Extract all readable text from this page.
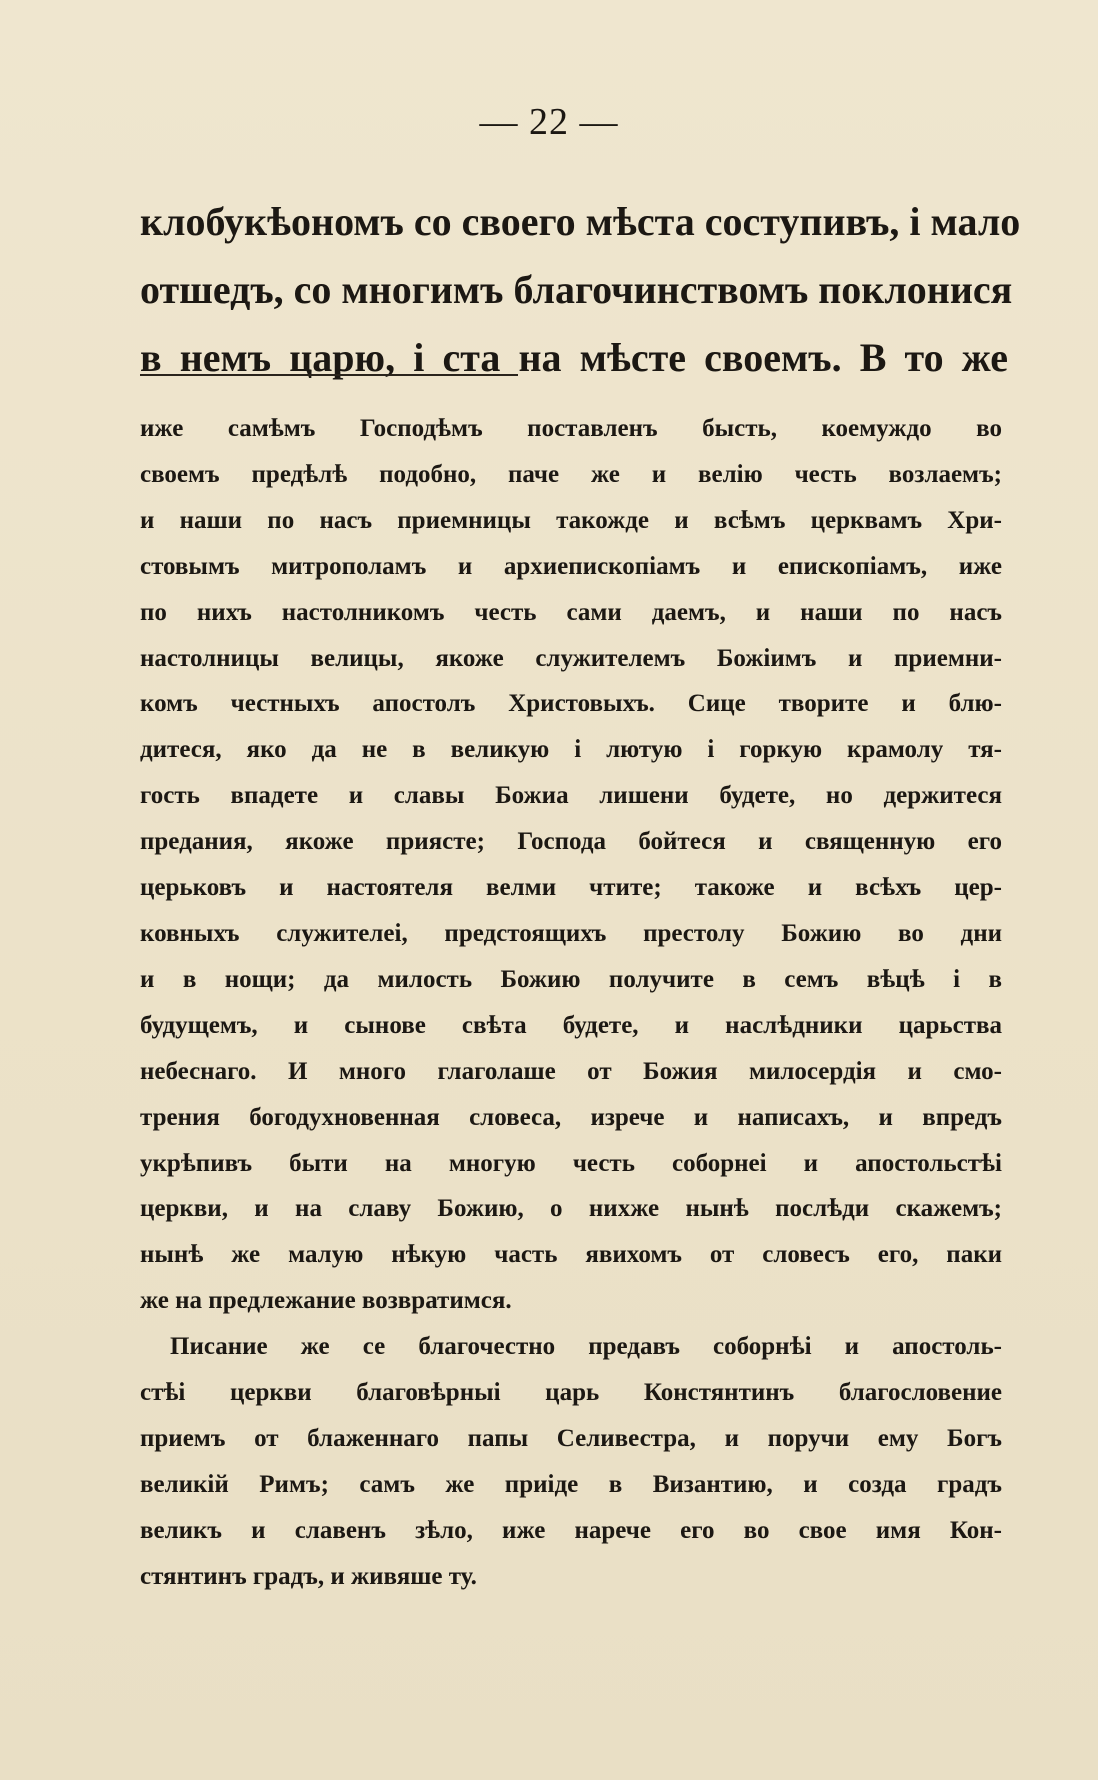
— 22 —
клобукѣономъ со своего мѣста соступивъ, і мало
отшедъ, со многимъ благочинствомъ поклонися
в немъ царю, і ста на мѣсте своемъ. В то же
иже самѣмъ Господѣмъ поставленъ бысть, коемуждо во
своемъ предѣлѣ подобно, паче же и велію честь возлаемъ;
и наши по насъ приемницы такожде и всѣмъ церквамъ Хри-
стовымъ митрополамъ и архиепископіамъ и епископіамъ, иже
по нихъ настолникомъ честь сами даемъ, и наши по насъ
настолницы велицы, якоже служителемъ Божіимъ и приемни-
комъ честныхъ апостолъ Христовыхъ. Сице творите и блю-
дитеся, яко да не в великую і лютую і горкую крамолу тя-
гость впадете и славы Божиа лишени будете, но держитеся
предания, якоже приясте; Господа бойтеся и священную его
церьковъ и настоятеля велми чтите; такоже и всѣхъ цер-
ковныхъ служителеі, предстоящихъ престолу Божию во дни
и в нощи; да милость Божию получите в семъ вѣцѣ і в
будущемъ, и сынове свѣта будете, и наслѣдники царьства
небеснаго. И много глаголаше от Божия милосердія и смо-
трения богодухновенная словеса, изрече и написахъ, и впредъ
укрѣпивъ быти на многую честь соборнеі и апостольстѣі
церкви, и на славу Божию, о нихже нынѣ послѣди скажемъ;
нынѣ же малую нѣкую часть явихомъ от словесъ его, паки
же на предлежание возвратимся.
Писание же се благочестно предавъ соборнѣі и апостоль-
стѣі церкви благовѣрныі царь Констянтинъ благословение
приемъ от блаженнаго папы Селивестра, и поручи ему Богъ
великій Римъ; самъ же приіде в Византию, и созда градъ
великъ и славенъ зѣло, иже нарече его во свое имя Кон-
стянтинъ градъ, и живяше ту.
